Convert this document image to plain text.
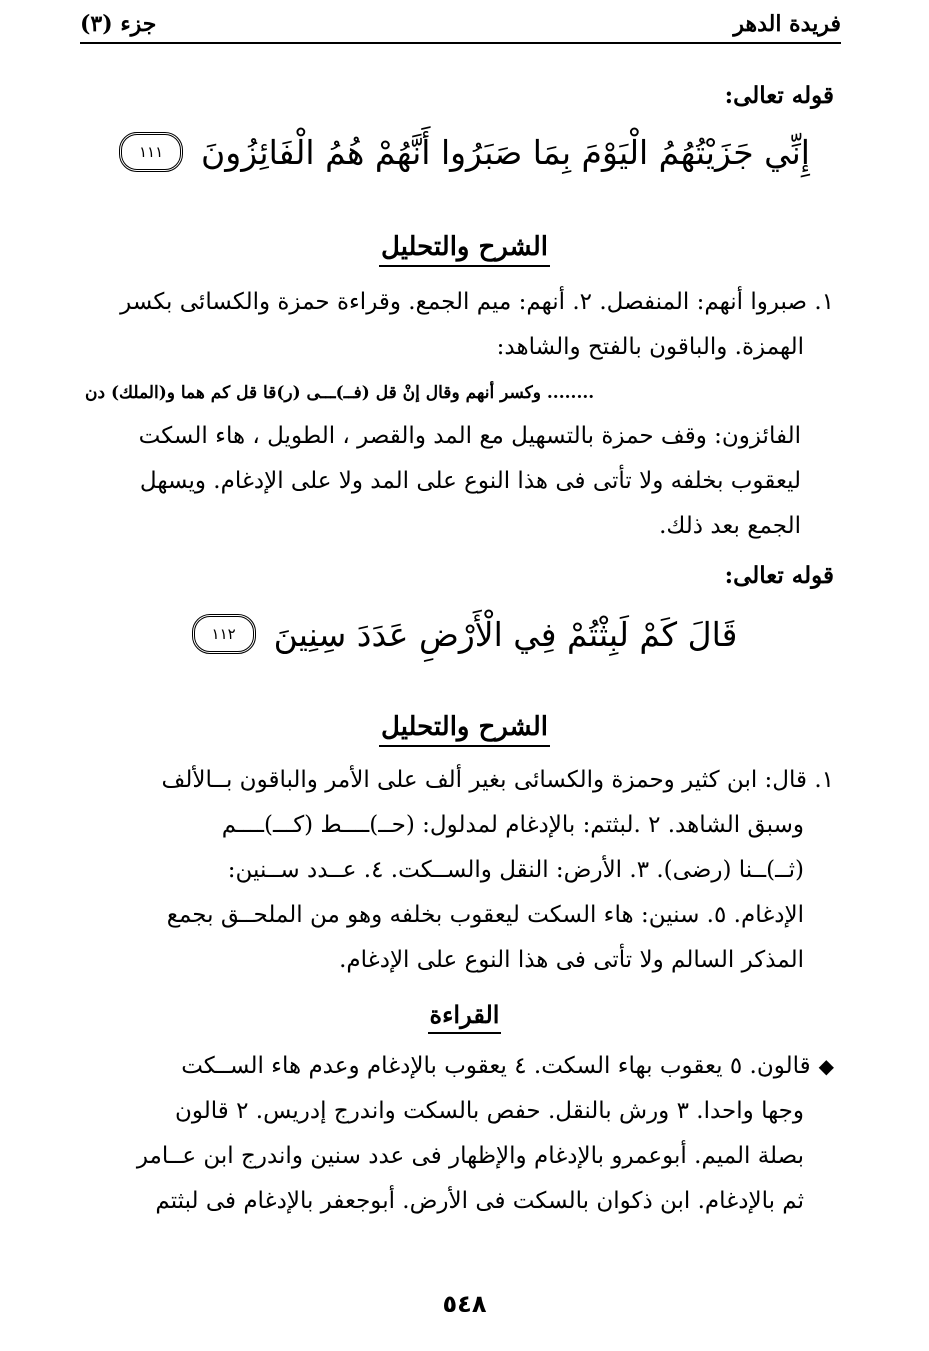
فريدة الدهر
جزء (٣)
قوله تعالى:
إِنِّي جَزَيْتُهُمُ الْيَوْمَ بِمَا صَبَرُوا أَنَّهُمْ هُمُ الْفَائِزُونَ
١١١
الشرح والتحليل

١. صبروا أنهم: المنفصل. ٢. أنهم: ميم الجمع. وقراءة حمزة والكسائى بكسر

الهمزة. والباقون بالفتح والشاهد:

........ وكسر أنهم وقال إنْ قل (فــ)ـــى (ر)قا قل كم هما و(الملك) دن

الفائزون: وقف حمزة بالتسهيل مع المد والقصر ، الطويل ، هاء السكت

ليعقوب بخلفه ولا تأتى فى هذا النوع على المد ولا على الإدغام. ويسهل

الجمع بعد ذلك.

قوله تعالى:
قَالَ كَمْ لَبِثْتُمْ فِي الْأَرْضِ عَدَدَ سِنِينَ
١١٢
الشرح والتحليل

١. قال: ابن كثير وحمزة والكسائى بغير ألف على الأمر والباقون بــالألف

وسبق الشاهد. ٢ .لبثتم: بالإدغام لمدلول: (حــ)ــــط (كـــ)ــــم

(ثــ)ــنا (رضى). ٣. الأرض: النقل والســكت. ٤. عــدد ســنين:

الإدغام. ٥. سنين: هاء السكت ليعقوب بخلفه وهو من الملحــق بجمع

المذكر السالم ولا تأتى فى هذا النوع على الإدغام.

القراءة
◆

قالون. ٥ يعقوب بهاء السكت. ٤ يعقوب بالإدغام وعدم هاء الســكت

وجها واحدا. ٣ ورش بالنقل. حفص بالسكت واندرج إدريس. ٢ قالون

بصلة الميم. أبوعمرو بالإدغام والإظهار فى عدد سنين واندرج ابن عــامر

ثم بالإدغام. ابن ذكوان بالسكت فى الأرض. أبوجعفر بالإدغام فى لبثتم

٥٤٨
